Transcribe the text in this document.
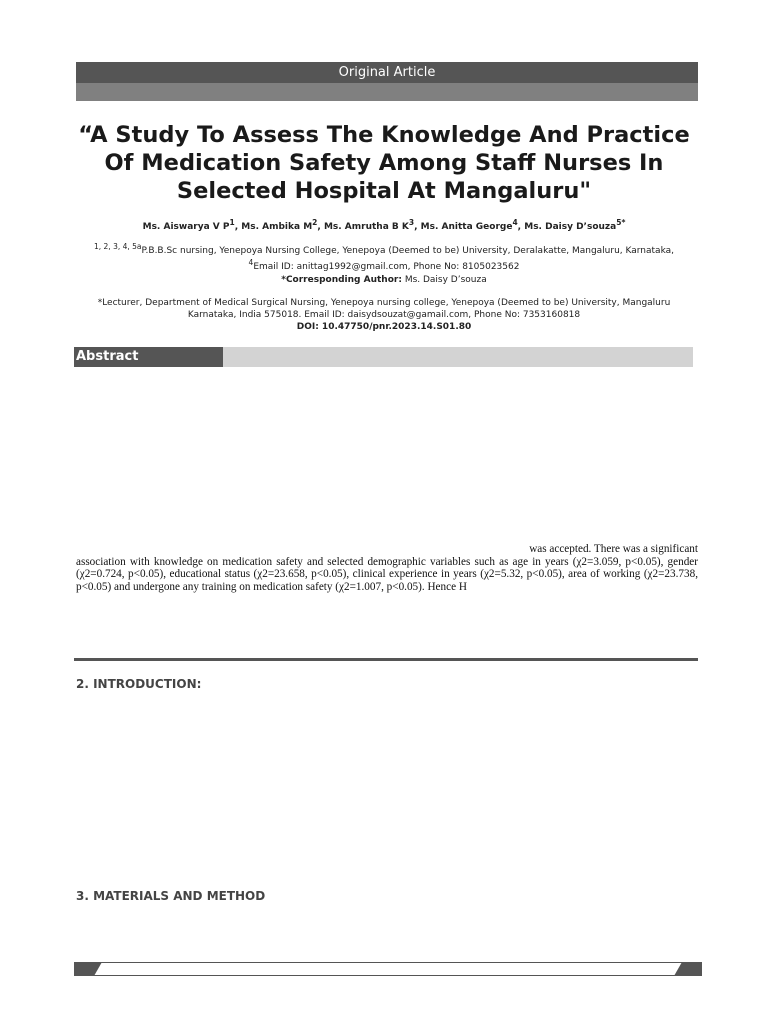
Original Article
“A Study To Assess The Knowledge And Practice Of Medication Safety Among Staff Nurses In Selected Hospital At Mangaluru"
Ms. Aiswarya V $P^1$, Ms. Ambika $M^2$, Ms. Amrutha B $K^3$, Ms. Anitta George$^4$, Ms. Daisy D’souza$^{5*}$
$^{1, 2, 3, 4, 5a}$P.B.B.Sc nursing, Yenepoya Nursing College, Yenepoya (Deemed to be) University, Deralakatte, Mangaluru, Karnataka,
$^4$Email ID: anittag1992@gmail.com, Phone No: 8105023562
*Corresponding Author: Ms. Daisy D’souza
*Lecturer, Department of Medical Surgical Nursing, Yenepoya nursing college, Yenepoya (Deemed to be) University, Mangaluru
Karnataka, India 575018. Email ID: daisydsouzat@gamail.com, Phone No: 7353160818
DOI: 10.47750/pnr.2023.14.S01.80
Abstract

was accepted. There was a significant

association with knowledge on medication safety and selected demographic variables such as age in years (χ2=3.059, p<0.05), gender (χ2=0.724, p<0.05), educational status (χ2=23.658, p<0.05), clinical experience in years (χ2=5.32, p<0.05), area of working (χ2=23.738, p<0.05) and undergone any training on medication safety (χ2=1.007, p<0.05). Hence H

2. INTRODUCTION:
3. MATERIALS AND METHOD
